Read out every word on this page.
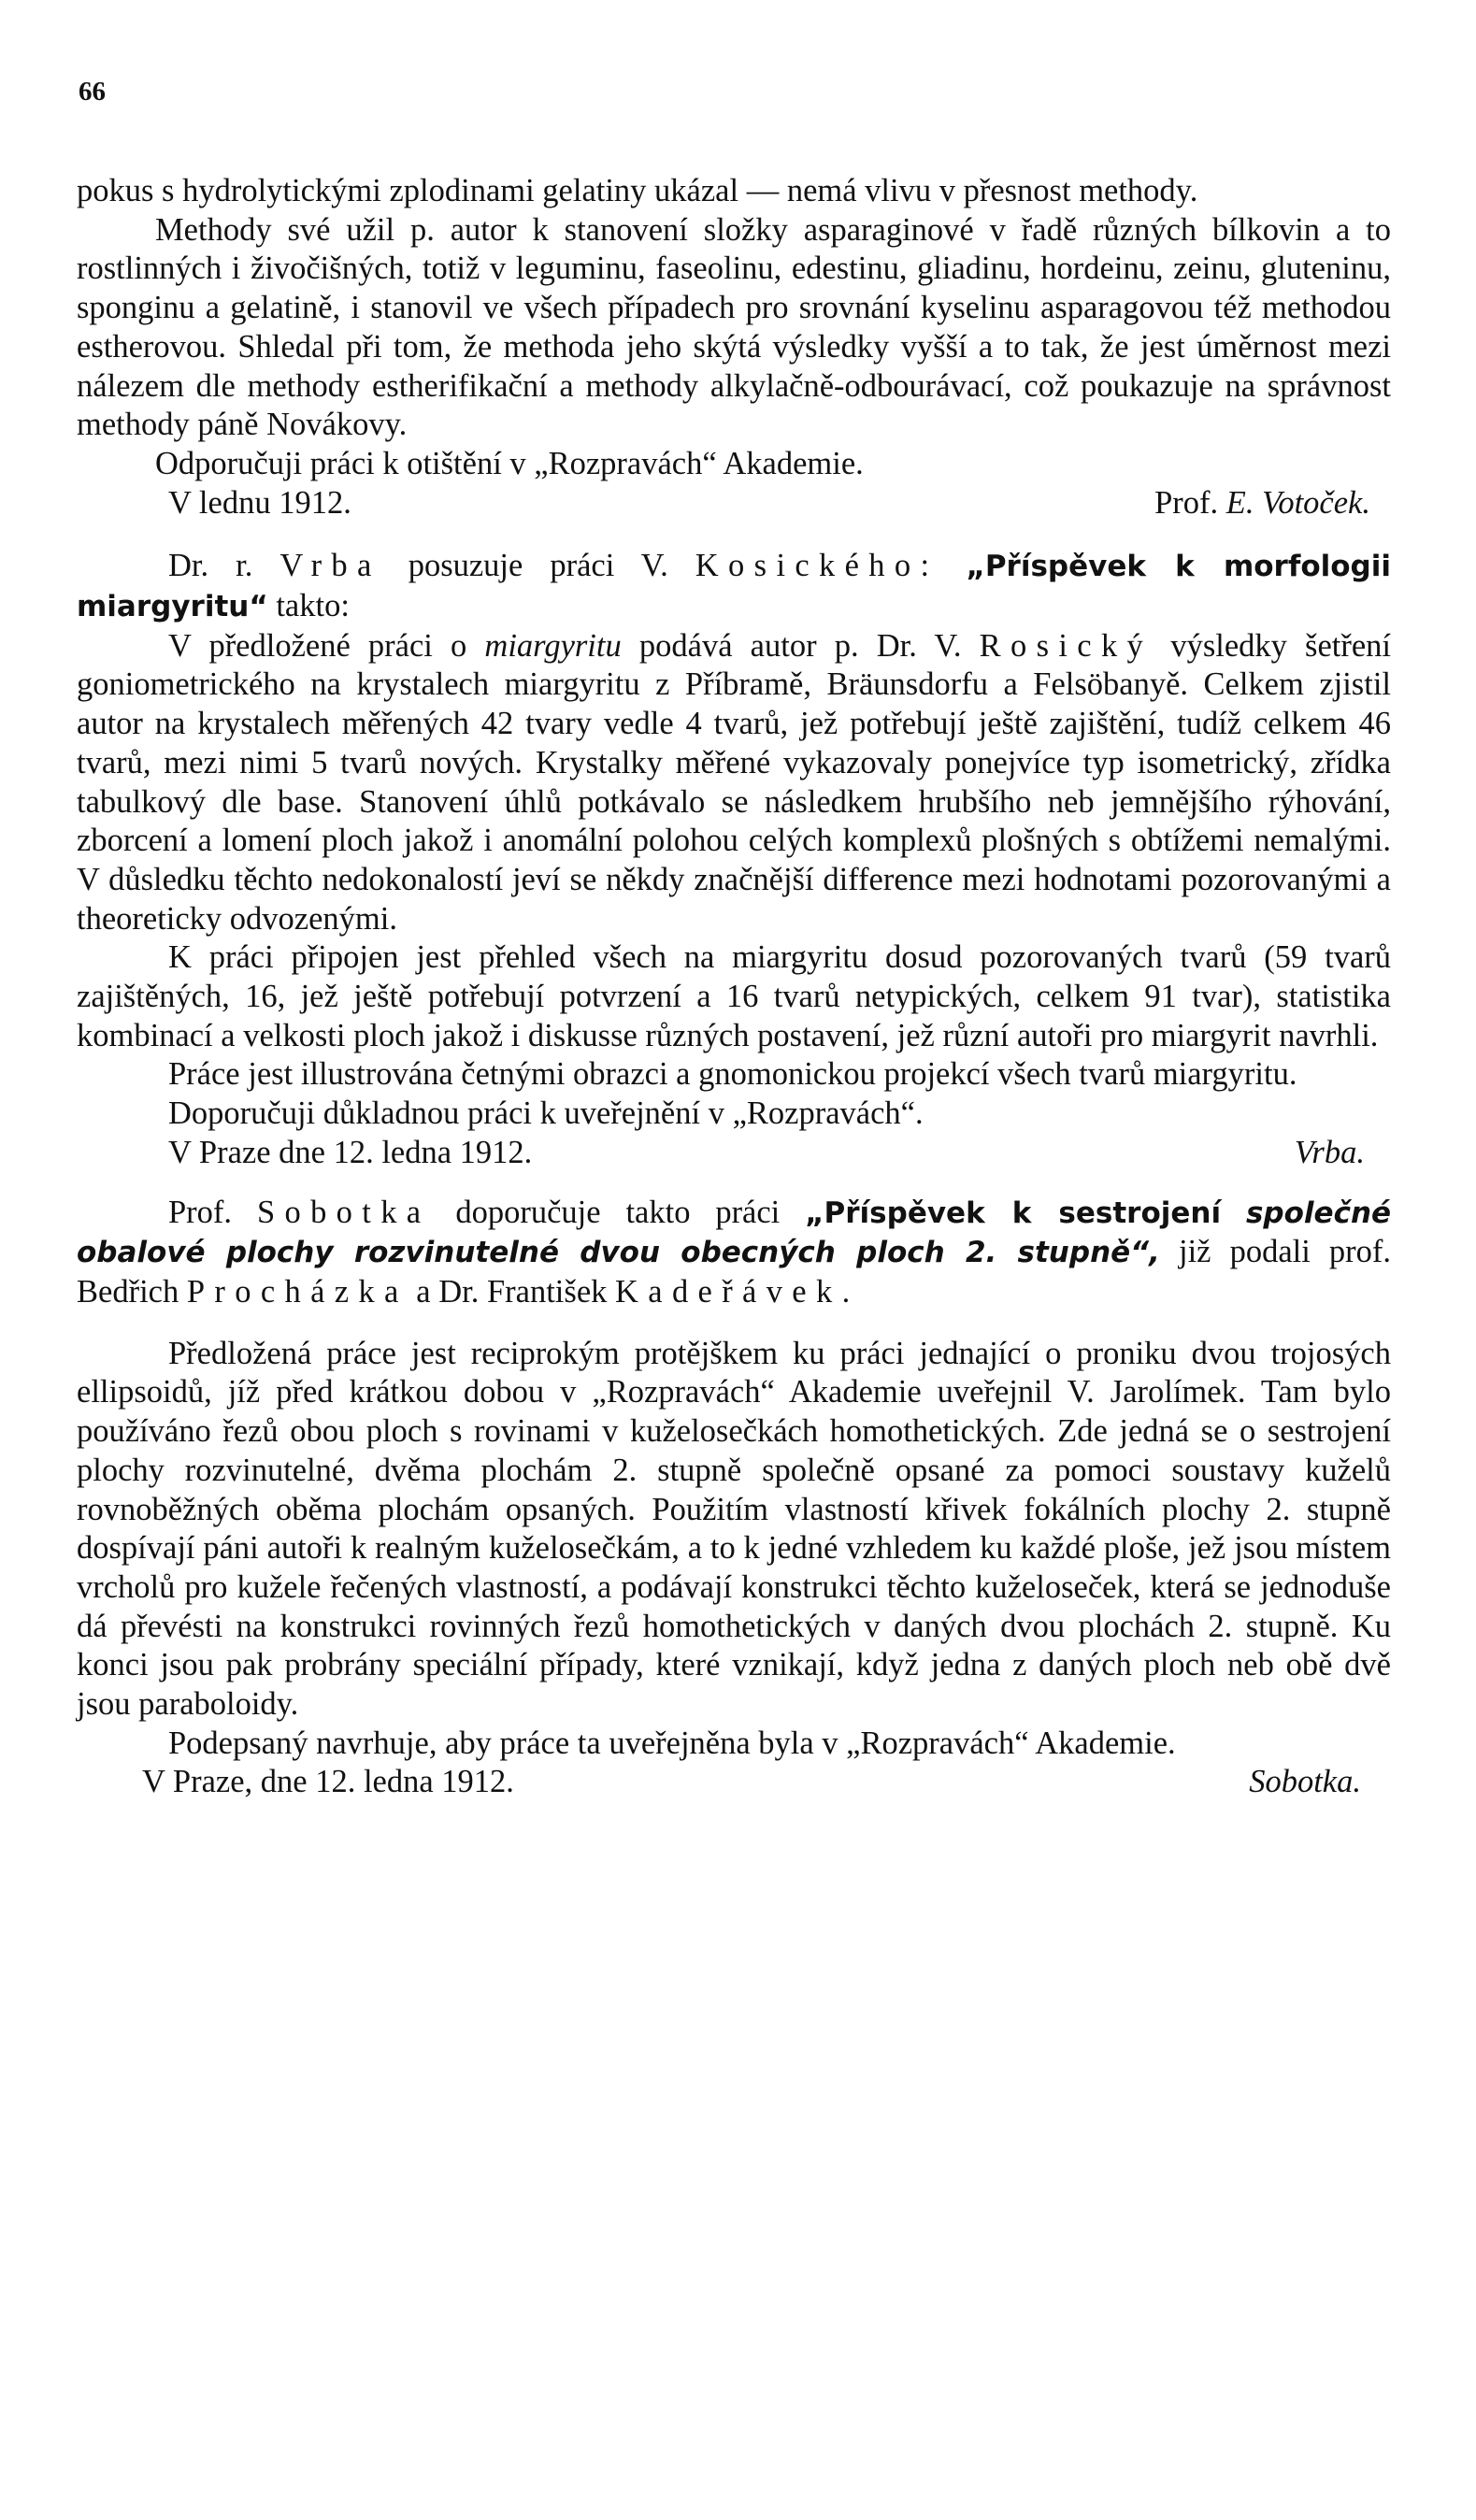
66

pokus s hydrolytickými zplodinami gelatiny ukázal — nemá vlivu v přesnost methody.

Methody své užil p. autor k stanovení složky asparaginové v řadě různých bílkovin a to rostlinných i živočišných, totiž v leguminu, faseolinu, edestinu, gliadinu, hordeinu, zeinu, gluteninu, sponginu a gelatině, i stanovil ve všech případech pro srovnání kyselinu asparagovou též methodou estherovou. Shledal při tom, že methoda jeho skýtá výsledky vyšší a to tak, že jest úměrnost mezi nálezem dle methody estherifikační a methody alkylačně-odbourávací, což poukazuje na správnost methody páně Novákovy.

Odporučuji práci k otištění v „Rozpravách“ Akademie.

V lednu 1912.	Prof. E. Votoček.

Dr. r. Vrba posuzuje práci V. Kosického: „Příspěvek k morfologii miargyritu“ takto:

V předložené práci o miargyritu podává autor p. Dr. V. Rosický výsledky šetření goniometrického na krystalech miargyritu z Příbramě, Bräunsdorfu a Felsöbanyě. Celkem zjistil autor na krystalech měřených 42 tvary vedle 4 tvarů, jež potřebují ještě zajištění, tudíž celkem 46 tvarů, mezi nimi 5 tvarů nových. Krystalky měřené vykazovaly ponejvíce typ isometrický, zřídka tabulkový dle base. Stanovení úhlů potkávalo se následkem hrubšího neb jemnějšího rýhování, zborcení a lomení ploch jakož i anomální polohou celých komplexů plošných s obtížemi nemalými. V důsledku těchto nedokonalostí jeví se někdy značnější difference mezi hodnotami pozorovanými a theoreticky odvozenými.

K práci připojen jest přehled všech na miargyritu dosud pozorovaných tvarů (59 tvarů zajištěných, 16, jež ještě potřebují potvrzení a 16 tvarů netypických, celkem 91 tvar), statistika kombinací a velkosti ploch jakož i diskusse různých postavení, jež různí autoři pro miargyrit navrhli.

Práce jest illustrována četnými obrazci a gnomonickou projekcí všech tvarů miargyritu.

Doporučuji důkladnou práci k uveřejnění v „Rozpravách“.

V Praze dne 12. ledna 1912.	Vrba.

Prof. Sobotka doporučuje takto práci „Příspěvek k sestrojení společné obalové plochy rozvinutelné dvou obecných ploch 2. stupně“, již podali prof. Bedřich Procházka a Dr. František Kadeřávek.

Předložená práce jest reciprokým protějškem ku práci jednající o proniku dvou trojosých ellipsoidů, jíž před krátkou dobou v „Rozpravách“ Akademie uveřejnil V. Jarolímek. Tam bylo používáno řezů obou ploch s rovinami v kuželosečkách homothetických. Zde jedná se o sestrojení plochy rozvinutelné, dvěma plochám 2. stupně společně opsané za pomoci soustavy kuželů rovnoběžných oběma plochám opsaných. Použitím vlastností křivek fokálních plochy 2. stupně dospívají páni autoři k realným kuželosečkám, a to k jedné vzhledem ku každé ploše, jež jsou místem vrcholů pro kužele řečených vlastností, a podávají konstrukci těchto kuželoseček, která se jednoduše dá převésti na konstrukci rovinných řezů homothetických v daných dvou plochách 2. stupně. Ku konci jsou pak probrány speciální případy, které vznikají, když jedna z daných ploch neb obě dvě jsou paraboloidy.

Podepsaný navrhuje, aby práce ta uveřejněna byla v „Rozpravách“ Akademie.

V Praze, dne 12. ledna 1912.	Sobotka.
